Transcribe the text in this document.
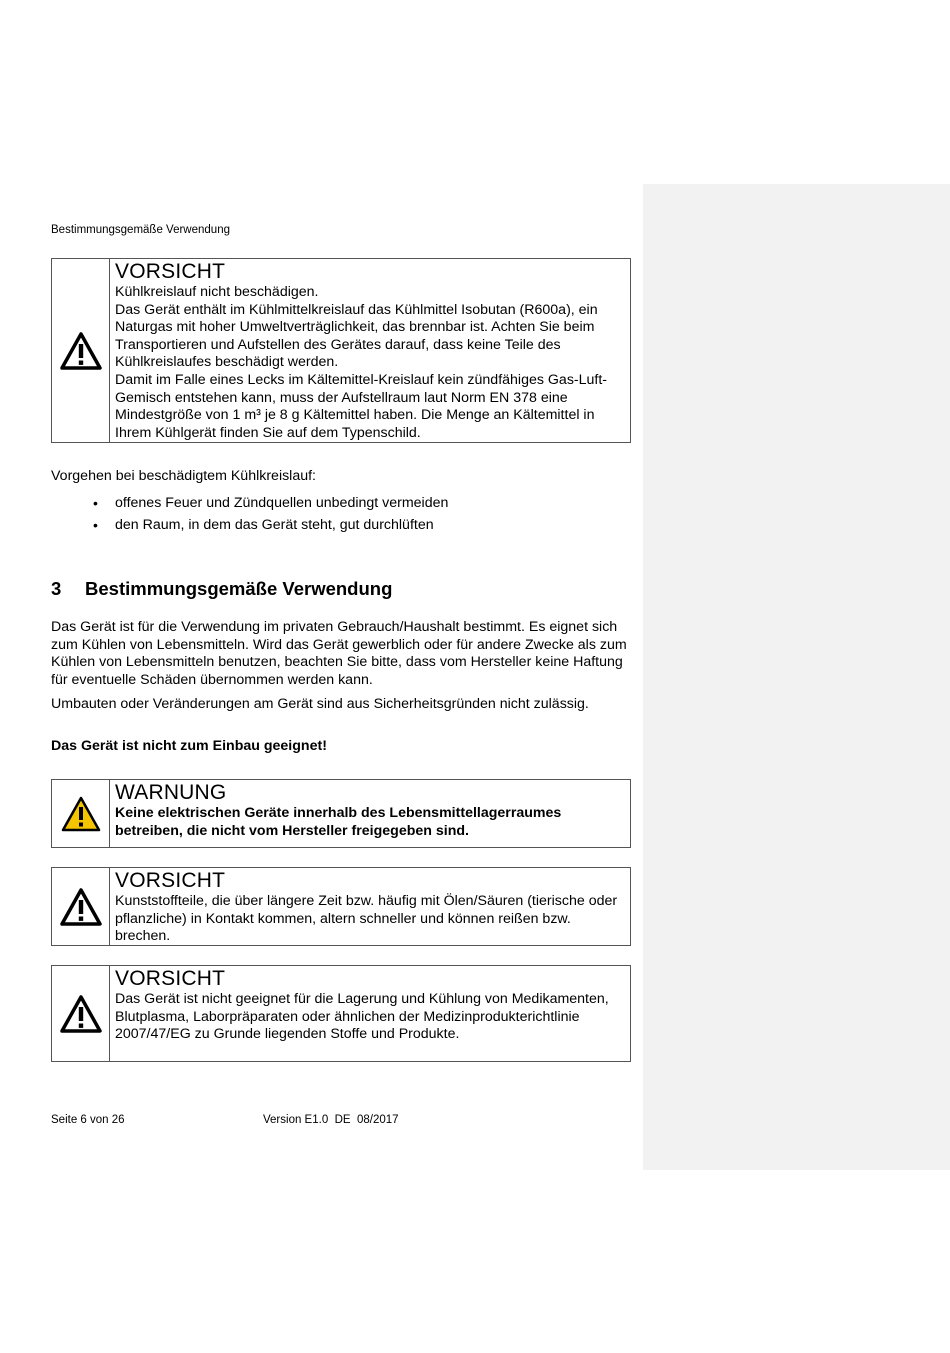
Bestimmungsgemäße Verwendung
VORSICHT

Kühlkreislauf nicht beschädigen.

Das Gerät enthält im Kühlmittelkreislauf das Kühlmittel Isobutan (R600a), ein Naturgas mit hoher Umweltverträglichkeit, das brennbar ist. Achten Sie beim Transportieren und Aufstellen des Gerätes darauf, dass keine Teile des Kühlkreislaufes beschädigt werden.

Damit im Falle eines Lecks im Kältemittel-Kreislauf kein zündfähiges Gas-Luft-Gemisch entstehen kann, muss der Aufstellraum laut Norm EN 378 eine Mindestgröße von 1 m³ je 8 g Kältemittel haben. Die Menge an Kältemittel in Ihrem Kühlgerät finden Sie auf dem Typenschild.

Vorgehen bei beschädigtem Kühlkreislauf:
• offenes Feuer und Zündquellen unbedingt vermeiden
• den Raum, in dem das Gerät steht, gut durchlüften
3 Bestimmungsgemäße Verwendung
Das Gerät ist für die Verwendung im privaten Gebrauch/Haushalt bestimmt. Es eignet sich zum Kühlen von Lebensmitteln. Wird das Gerät gewerblich oder für andere Zwecke als zum Kühlen von Lebensmitteln benutzen, beachten Sie bitte, dass vom Hersteller keine Haftung für eventuelle Schäden übernommen werden kann.
Umbauten oder Veränderungen am Gerät sind aus Sicherheitsgründen nicht zulässig.
Das Gerät ist nicht zum Einbau geeignet!
WARNUNG

Keine elektrischen Geräte innerhalb des Lebensmittellagerraumes betreiben, die nicht vom Hersteller freigegeben sind.

VORSICHT

Kunststoffteile, die über längere Zeit bzw. häufig mit Ölen/Säuren (tierische oder pflanzliche) in Kontakt kommen, altern schneller und können reißen bzw. brechen.

VORSICHT

Das Gerät ist nicht geeignet für die Lagerung und Kühlung von Medikamenten, Blutplasma, Laborpräparaten oder ähnlichen der Medizinprodukterichtlinie 2007/47/EG zu Grunde liegenden Stoffe und Produkte.

Seite 6 von 26	Version E1.0  DE  08/2017
